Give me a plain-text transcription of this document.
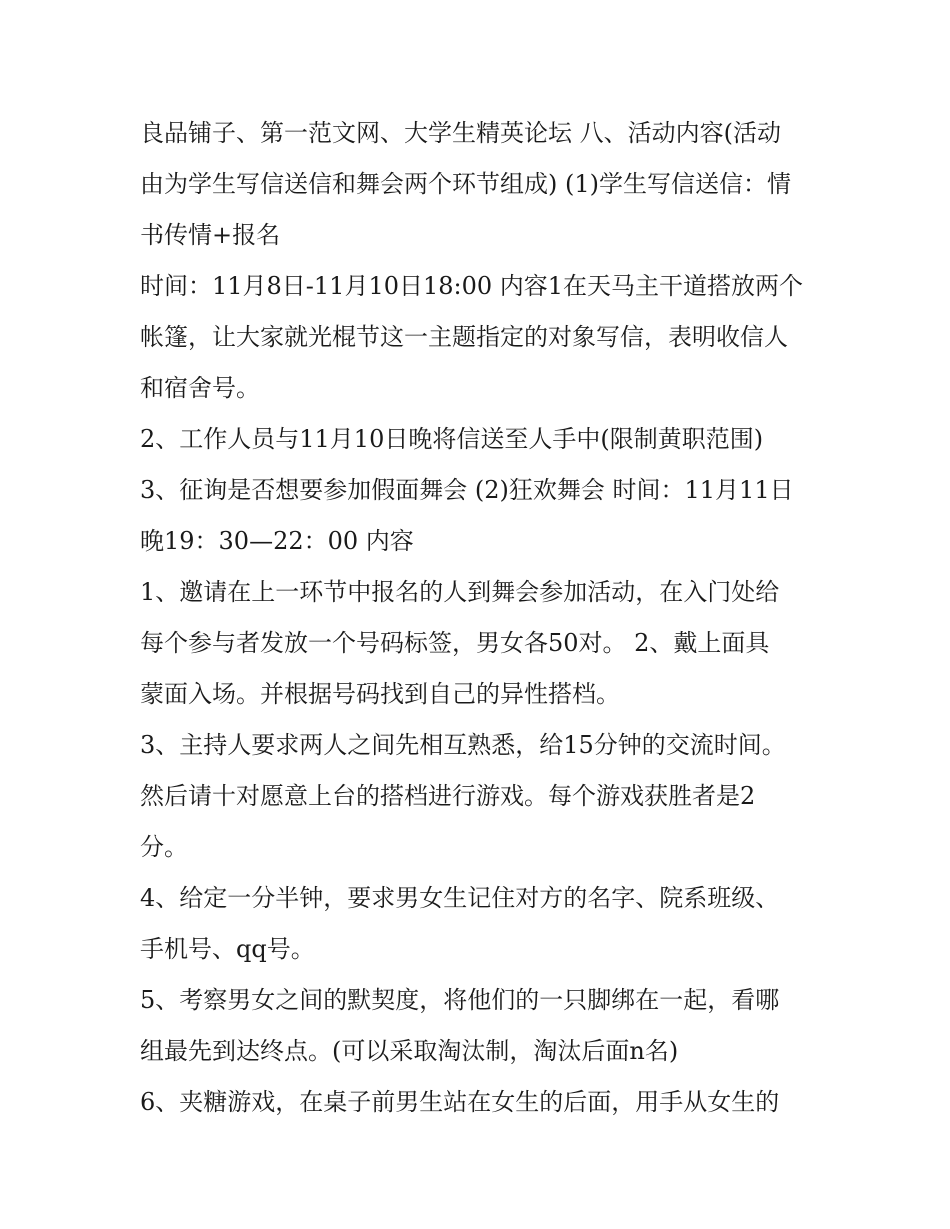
良品铺子、第一范文网、大学生精英论坛 八、活动内容(活动
由为学生写信送信和舞会两个环节组成) (1)学生写信送信：情
书传情+报名
时间：11月8日-11月10日18:00 内容1在天马主干道搭放两个
帐篷，让大家就光棍节这一主题指定的对象写信，表明收信人
和宿舍号。
2、工作人员与11月10日晚将信送至人手中(限制黄职范围)
3、征询是否想要参加假面舞会 (2)狂欢舞会 时间：11月11日
晚19：30—22：00 内容
1、邀请在上一环节中报名的人到舞会参加活动，在入门处给
每个参与者发放一个号码标签，男女各50对。 2、戴上面具
蒙面入场。并根据号码找到自己的异性搭档。
3、主持人要求两人之间先相互熟悉，给15分钟的交流时间。
然后请十对愿意上台的搭档进行游戏。每个游戏获胜者是2
分。
4、给定一分半钟，要求男女生记住对方的名字、院系班级、
手机号、qq号。
5、考察男女之间的默契度，将他们的一只脚绑在一起，看哪
组最先到达终点。(可以采取淘汰制，淘汰后面n名)
6、夹糖游戏，在桌子前男生站在女生的后面，用手从女生的
